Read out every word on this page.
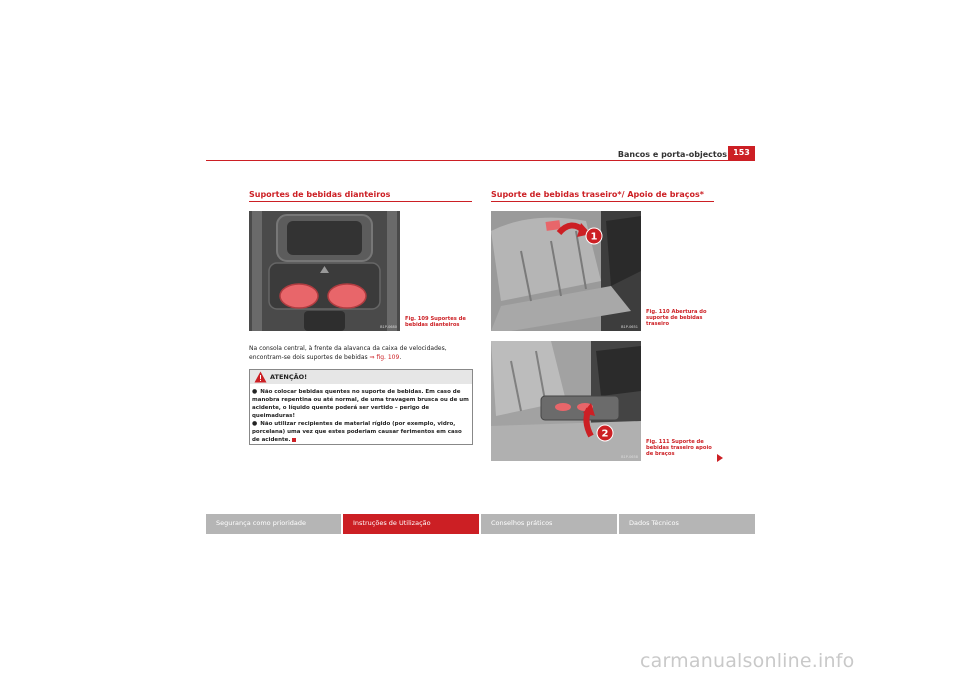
Bancos e porta-objectos 153
Suportes de bebidas dianteiros
B1P-0680
Fig. 109 Suportes de bebidas dianteiros
Na consola central, à frente da alavanca da caixa de velocidades, encontram-se dois suportes de bebidas ⇒ fig. 109.
ATENÇÃO!
● Não colocar bebidas quentes no suporte de bebidas. Em caso de manobra repentina ou até normal, de uma travagem brusca ou de um acidente, o líquido quente poderá ser vertido – perigo de queimaduras!
● Não utilizar recipientes de material rígido (por exemplo, vidro, porcelana) uma vez que estes poderiam causar ferimentos em caso de acidente.
Suporte de bebidas traseiro*/ Apoio de braços*
1
B1P-0651
Fig. 110 Abertura do suporte de bebidas traseiro
2
B1P-0658
Fig. 111 Suporte de bebidas traseiro apoio de braços
Segurança como prioridade	Instruções de Utilização	Conselhos práticos	Dados Técnicos
carmanualsonline.info
